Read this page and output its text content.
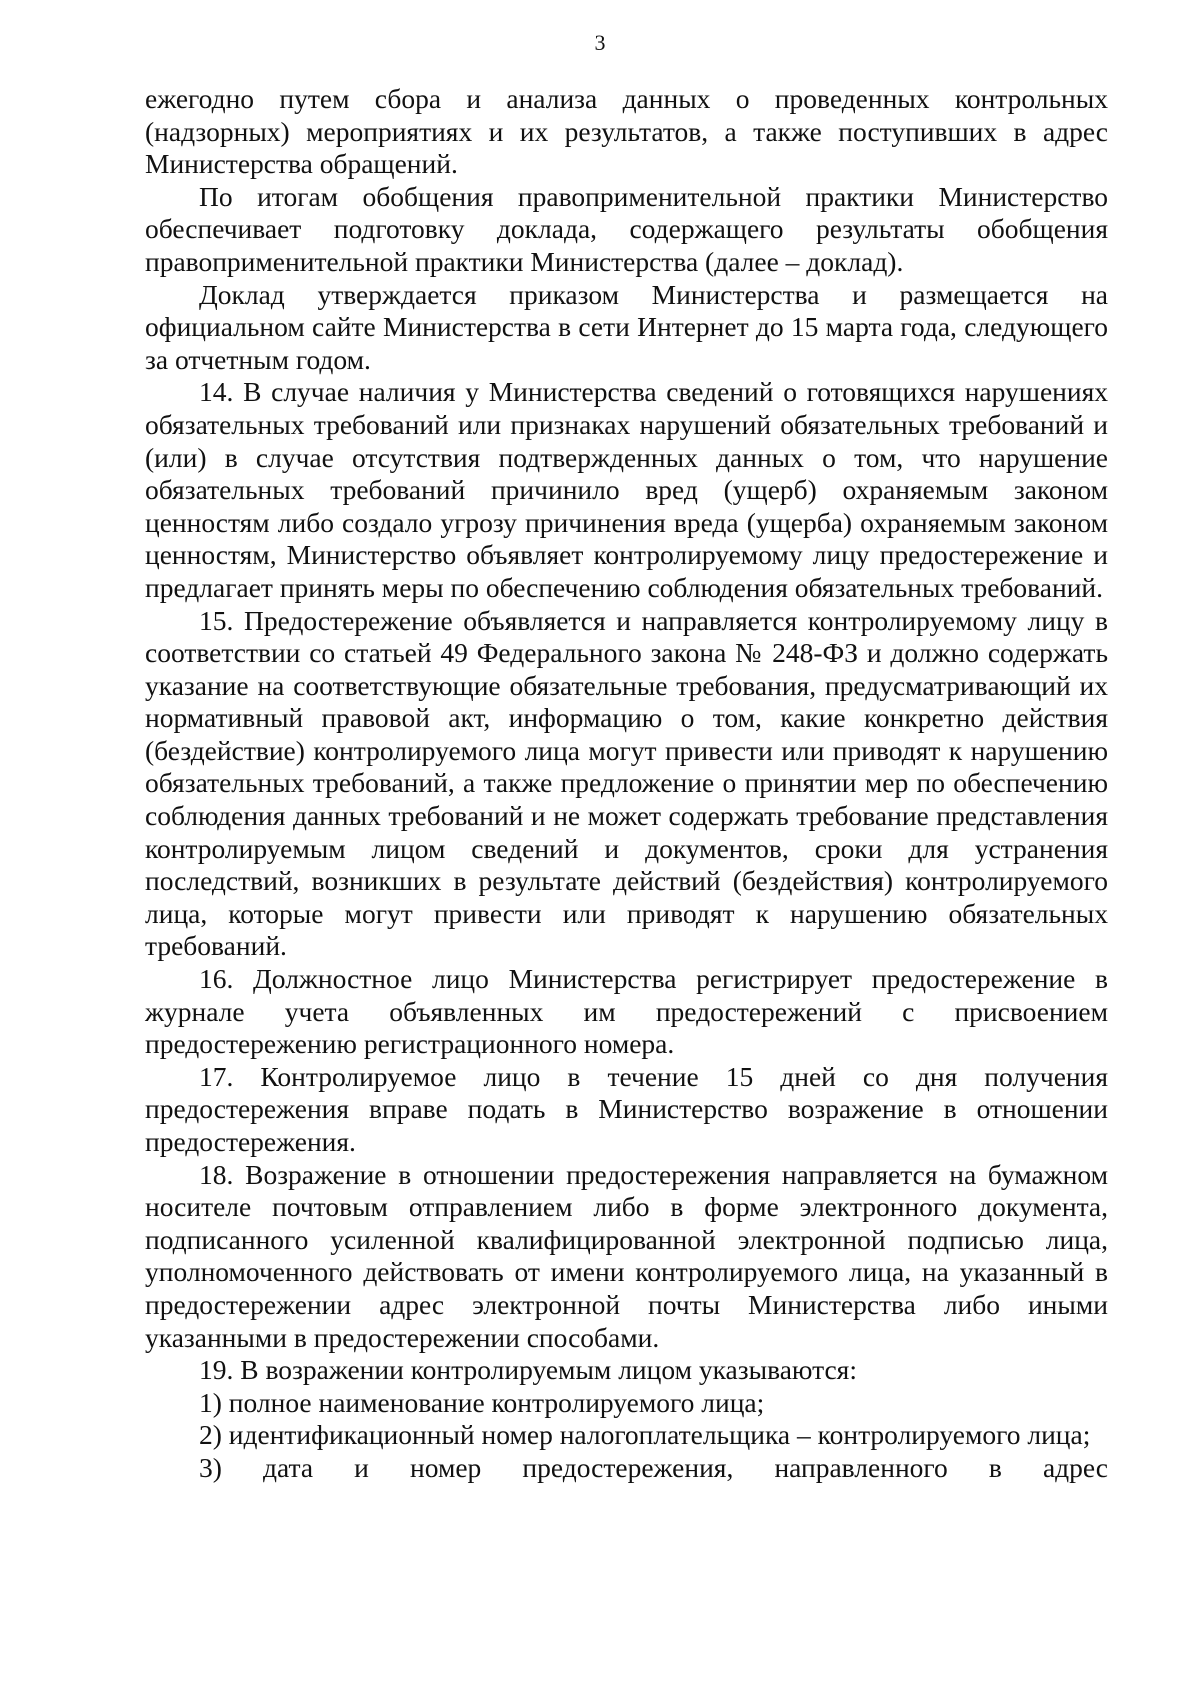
3

ежегодно путем сбора и анализа данных о проведенных контрольных (надзорных) мероприятиях и их результатов, а также поступивших в адрес Министерства обращений.

По итогам обобщения правоприменительной практики Министерство обеспечивает подготовку доклада, содержащего результаты обобщения правоприменительной практики Министерства (далее – доклад).

Доклад утверждается приказом Министерства и размещается на официальном сайте Министерства в сети Интернет до 15 марта года, следующего за отчетным годом.

14. В случае наличия у Министерства сведений о готовящихся нарушениях обязательных требований или признаках нарушений обязательных требований и (или) в случае отсутствия подтвержденных данных о том, что нарушение обязательных требований причинило вред (ущерб) охраняемым законом ценностям либо создало угрозу причинения вреда (ущерба) охраняемым законом ценностям, Министерство объявляет контролируемому лицу предостережение и предлагает принять меры по обеспечению соблюдения обязательных требований.

15. Предостережение объявляется и направляется контролируемому лицу в соответствии со статьей 49 Федерального закона № 248-ФЗ и должно содержать указание на соответствующие обязательные требования, предусматривающий их нормативный правовой акт, информацию о том, какие конкретно действия (бездействие) контролируемого лица могут привести или приводят к нарушению обязательных требований, а также предложение о принятии мер по обеспечению соблюдения данных требований и не может содержать требование представления контролируемым лицом сведений и документов, сроки для устранения последствий, возникших в результате действий (бездействия) контролируемого лица, которые могут привести или приводят к нарушению обязательных требований.

16. Должностное лицо Министерства регистрирует предостережение в журнале учета объявленных им предостережений с присвоением предостережению регистрационного номера.

17. Контролируемое лицо в течение 15 дней со дня получения предостережения вправе подать в Министерство возражение в отношении предостережения.

18. Возражение в отношении предостережения направляется на бумажном носителе почтовым отправлением либо в форме электронного документа, подписанного усиленной квалифицированной электронной подписью лица, уполномоченного действовать от имени контролируемого лица, на указанный в предостережении адрес электронной почты Министерства либо иными указанными в предостережении способами.

19. В возражении контролируемым лицом указываются:

1) полное наименование контролируемого лица;

2) идентификационный номер налогоплательщика – контролируемого лица;

3) дата и номер предостережения, направленного в адрес
